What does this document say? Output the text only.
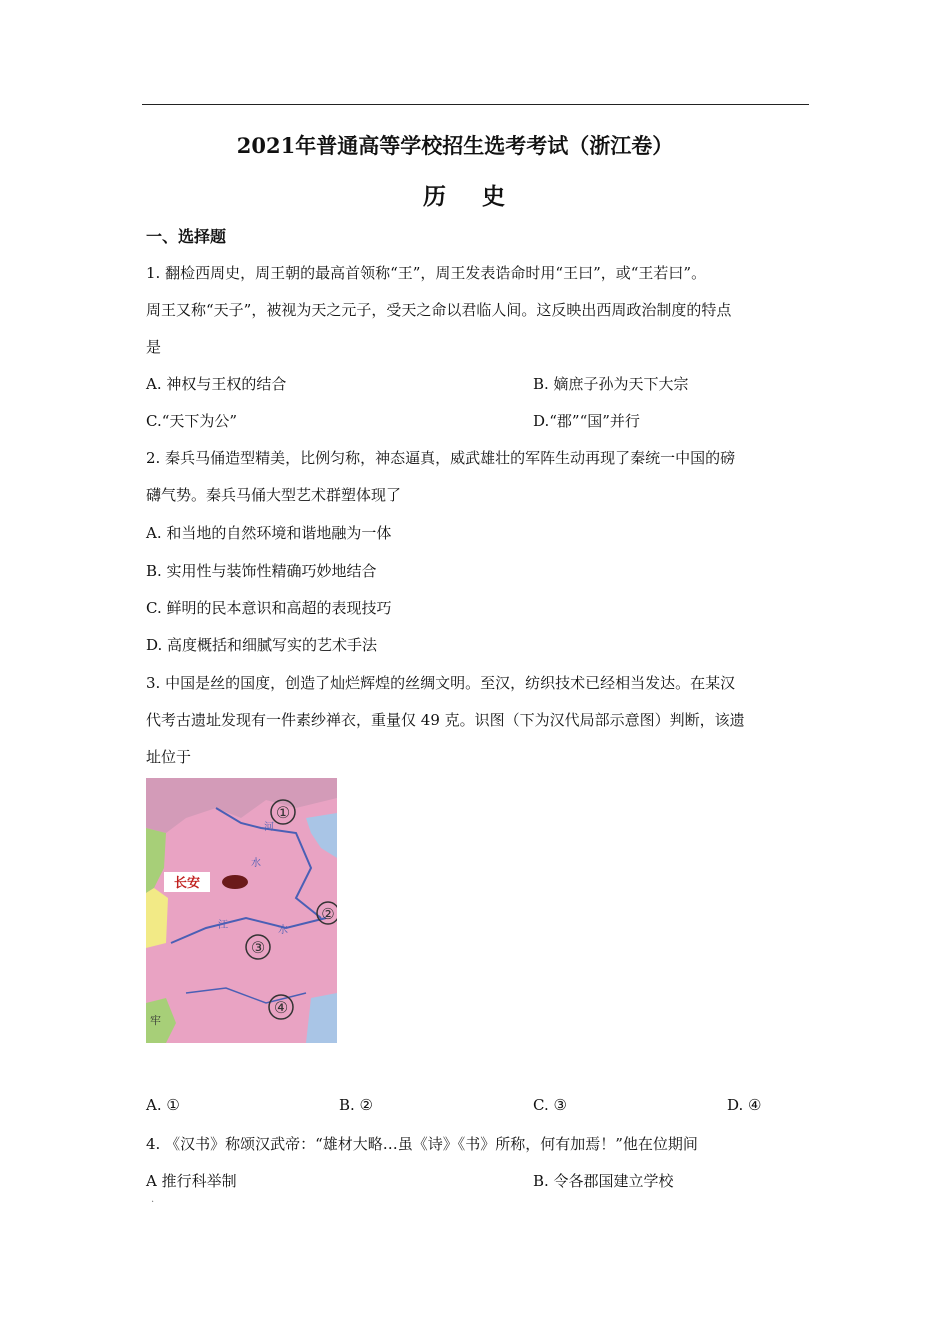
2021年普通高等学校招生选考考试（浙江卷）
历 史
一、选择题
1. 翻检西周史，周王朝的最高首领称“王”，周王发表诰命时用“王曰”，或“王若曰”。
周王又称“天子”，被视为天之元子，受天之命以君临人间。这反映出西周政治制度的特点
是
A. 神权与王权的结合	B. 嫡庶子孙为天下大宗
C.“天下为公”	D.“郡”“国”并行
2. 秦兵马俑造型精美，比例匀称，神态逼真，威武雄壮的军阵生动再现了秦统一中国的磅
礴气势。秦兵马俑大型艺术群塑体现了
A. 和当地的自然环境和谐地融为一体
B. 实用性与装饰性精确巧妙地结合
C. 鲜明的民本意识和高超的表现技巧
D. 高度概括和细腻写实的艺术手法
3. 中国是丝的国度，创造了灿烂辉煌的丝绸文明。至汉，纺织技术已经相当发达。在某汉
代考古遗址发现有一件素纱禅衣，重量仅 49 克。识图（下为汉代局部示意图）判断，该遗
址位于
长安
①
②
③
④
河
水
江	水
牢
A. ①	B. ②	C. ③	D. ④
4. 《汉书》称颂汉武帝：“雄材大略…虽《诗》《书》所称，何有加焉！”他在位期间
A 推行科举制	B. 令各郡国建立学校
.
